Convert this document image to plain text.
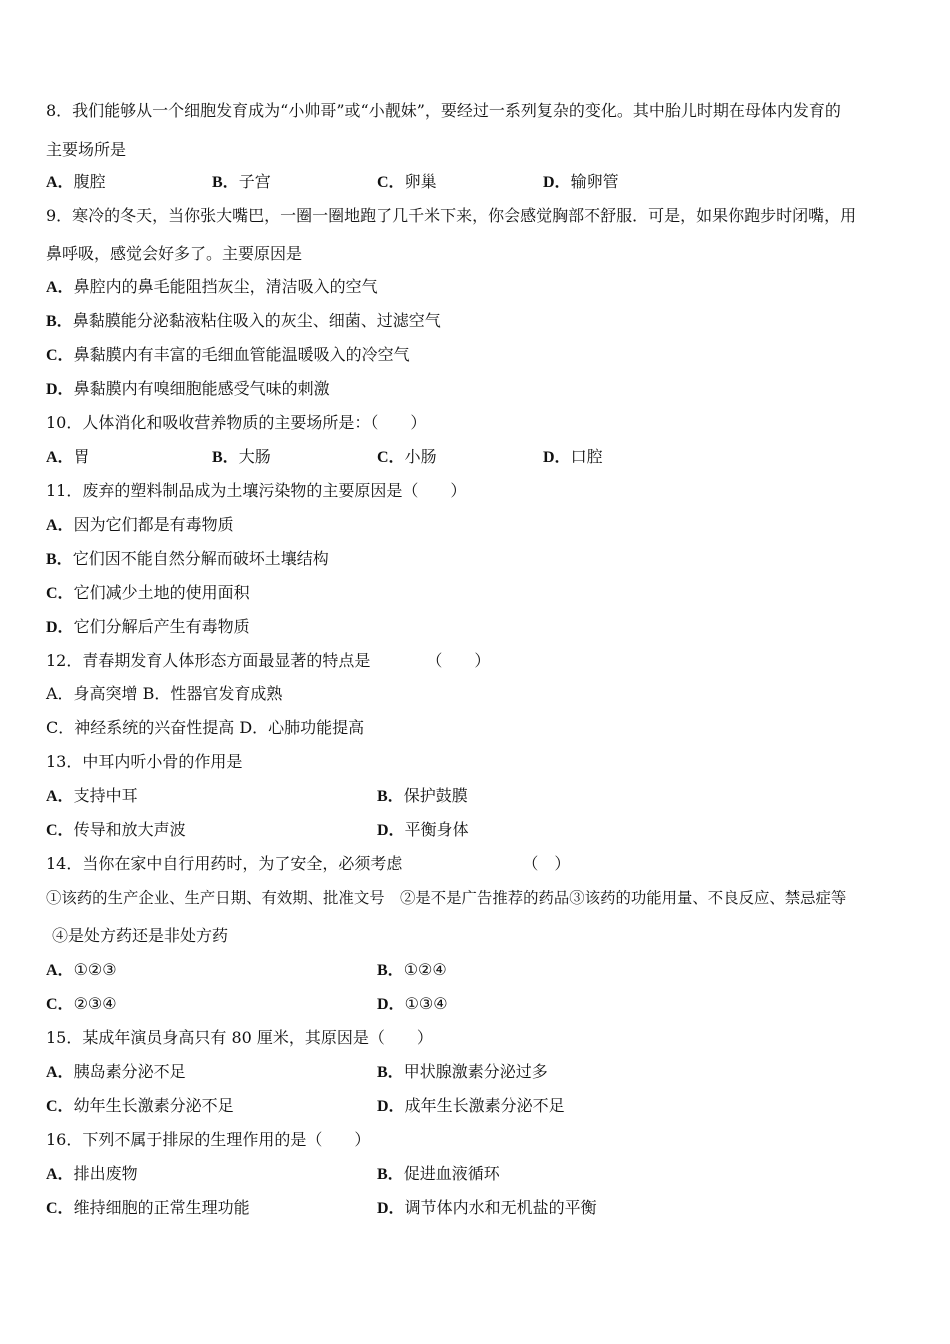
8．我们能够从一个细胞发育成为“小帅哥”或“小靓妹”，要经过一系列复杂的变化。其中胎儿时期在母体内发育的
主要场所是
A．腹腔	B．子宫	C．卵巢	D．输卵管
9．寒冷的冬天，当你张大嘴巴，一圈一圈地跑了几千米下来，你会感觉胸部不舒服．可是，如果你跑步时闭嘴，用
鼻呼吸，感觉会好多了。主要原因是
A．鼻腔内的鼻毛能阻挡灰尘，清洁吸入的空气
B．鼻黏膜能分泌黏液粘住吸入的灰尘、细菌、过滤空气
C．鼻黏膜内有丰富的毛细血管能温暖吸入的冷空气
D．鼻黏膜内有嗅细胞能感受气味的刺激
10．人体消化和吸收营养物质的主要场所是：（　　）
A．胃	B．大肠	C．小肠	D．口腔
11．废弃的塑料制品成为土壤污染物的主要原因是（　　）
A．因为它们都是有毒物质
B．它们因不能自然分解而破坏土壤结构
C．它们减少土地的使用面积
D．它们分解后产生有毒物质
12．青春期发育人体形态方面最显著的特点是　　　　（　　）
A．身高突增 B．性器官发育成熟
C．神经系统的兴奋性提高 D．心肺功能提高
13．中耳内听小骨的作用是
A．支持中耳	B．保护鼓膜
C．传导和放大声波	D．平衡身体
14．当你在家中自行用药时，为了安全，必须考虑　　　　　　　　（　）
①该药的生产企业、生产日期、有效期、批准文号　②是不是广告推荐的药品③该药的功能用量、不良反应、禁忌症等
④是处方药还是非处方药
A．①②③	B．①②④
C．②③④	D．①③④
15．某成年演员身高只有 80 厘米，其原因是（　　）
A．胰岛素分泌不足	B．甲状腺激素分泌过多
C．幼年生长激素分泌不足	D．成年生长激素分泌不足
16．下列不属于排尿的生理作用的是（　　）
A．排出废物	B．促进血液循环
C．维持细胞的正常生理功能	D．调节体内水和无机盐的平衡
